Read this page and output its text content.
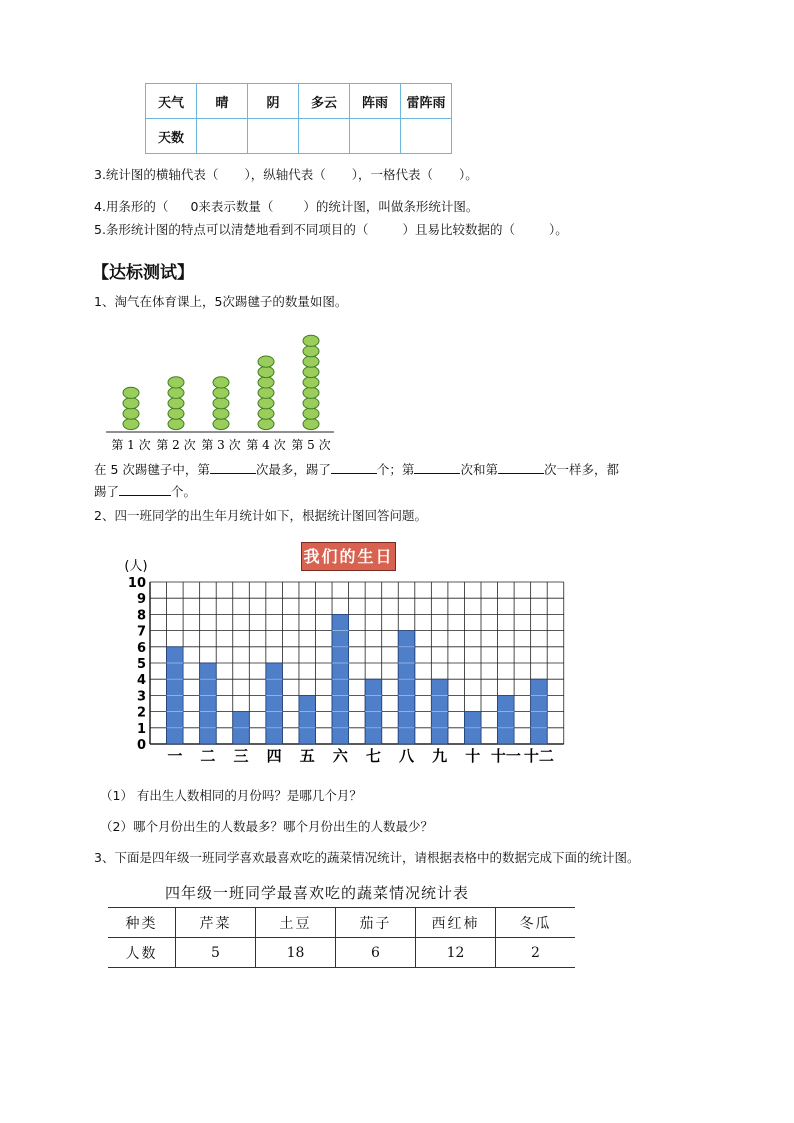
天气	晴	阴	多云	阵雨	雷阵雨
天数					
3.统计图的横轴代表（ ），纵轴代表（ ），一格代表（ ）。
4.用条形的（ 0来表示数量（ ）的统计图，叫做条形统计图。
5.条形统计图的特点可以清楚地看到不同项目的（	）且易比较数据的（	）。
【达标测试】
1、淘气在体育课上，5次踢毽子的数量如图。
第 1 次 第 2 次 第 3 次 第 4 次 第 5 次
在 5 次踢毽子中，第	次最多，踢了	个；第	次和第	次一样多，都
踢了	个。
2、四一班同学的出生年月统计如下，根据统计图回答问题。
我们的生日
(人)
0
1
2
3
4
5
6
7
8
9
10
一 二 三 四 五 六 七 八 九 十 十一 十二
（1） 有出生人数相同的月份吗？是哪几个月？
（2）哪个月份出生的人数最多？哪个月份出生的人数最少？
3、下面是四年级一班同学喜欢最喜欢吃的蔬菜情况统计，请根据表格中的数据完成下面的统计图。
四年级一班同学最喜欢吃的蔬菜情况统计表
种类	芹菜	土豆	茄子	西红柿	冬瓜
人数	5	18	6	12	2
